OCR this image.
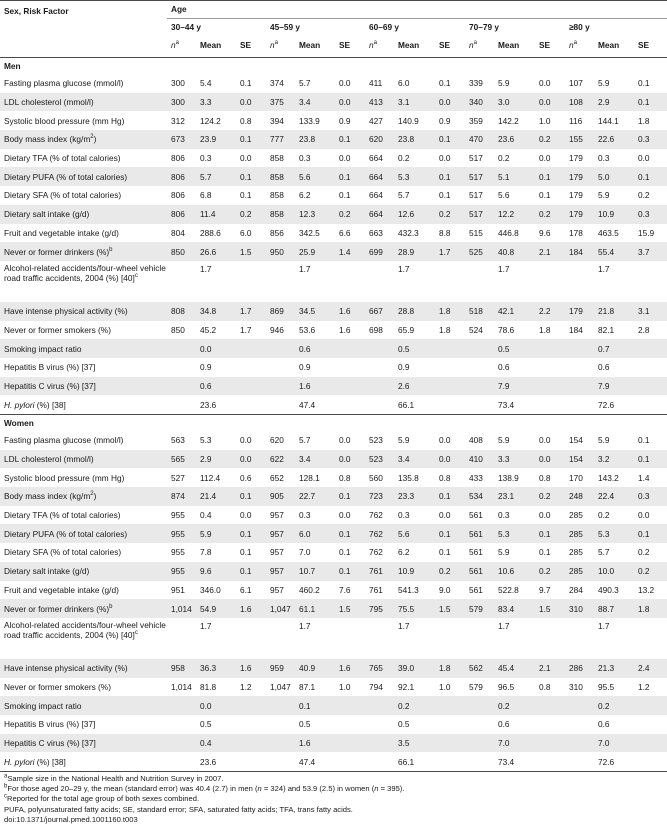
Sex, Risk Factor	Age														
	30–44 y			45–59 y			60–69 y			70–79 y			≥80 y		
	$n^a$	Mean	SE	$n^a$	Mean	SE	$n^a$	Mean	SE	$n^a$	Mean	SE	$n^a$	Mean	SE
Men															
Fasting plasma glucose (mmol/l)	300	5.4	0.1	374	5.7	0.0	411	6.0	0.1	339	5.9	0.0	107	5.9	0.1
LDL cholesterol (mmol/l)	300	3.3	0.0	375	3.4	0.0	413	3.1	0.0	340	3.0	0.0	108	2.9	0.1
Systolic blood pressure (mm Hg)	312	124.2	0.8	394	133.9	0.9	427	140.9	0.9	359	142.2	1.0	116	144.1	1.8
Body mass index $(kg/m^2)$	673	23.9	0.1	777	23.8	0.1	620	23.8	0.1	470	23.6	0.2	155	22.6	0.3
Dietary TFA (% of total calories)	806	0.3	0.0	858	0.3	0.0	664	0.2	0.0	517	0.2	0.0	179	0.3	0.0
Dietary PUFA (% of total calories)	806	5.7	0.1	858	5.6	0.1	664	5.3	0.1	517	5.1	0.1	179	5.0	0.1
Dietary SFA (% of total calories)	806	6.8	0.1	858	6.2	0.1	664	5.7	0.1	517	5.6	0.1	179	5.9	0.2
Dietary salt intake (g/d)	806	11.4	0.2	858	12.3	0.2	664	12.6	0.2	517	12.2	0.2	179	10.9	0.3
Fruit and vegetable intake (g/d)	804	288.6	6.0	856	342.5	6.6	663	432.3	8.8	515	446.8	9.6	178	463.5	15.9
Never or former drinkers (%)$^b$	850	26.6	1.5	950	25.9	1.4	699	28.9	1.7	525	40.8	2.1	184	55.4	3.7
Alcohol-related accidents/four-wheel vehicle road traffic accidents, 2004 (%) $[40]^c$		1.7			1.7			1.7			1.7			1.7	
Have intense physical activity (%)	808	34.8	1.7	869	34.5	1.6	667	28.8	1.8	518	42.1	2.2	179	21.8	3.1
Never or former smokers (%)	850	45.2	1.7	946	53.6	1.6	698	65.9	1.8	524	78.6	1.8	184	82.1	2.8
Smoking impact ratio		0.0			0.6			0.5			0.5			0.7	
Hepatitis B virus (%) [37]		0.9			0.9			0.9			0.6			0.6	
Hepatitis C virus (%) [37]		0.6			1.6			2.6			7.9			7.9	
H. pylori (%) [38]		23.6			47.4			66.1			73.4			72.6	
Women															
Fasting plasma glucose (mmol/l)	563	5.3	0.0	620	5.7	0.0	523	5.9	0.0	408	5.9	0.0	154	5.9	0.1
LDL cholesterol (mmol/l)	565	2.9	0.0	622	3.4	0.0	523	3.4	0.0	410	3.3	0.0	154	3.2	0.1
Systolic blood pressure (mm Hg)	527	112.4	0.6	652	128.1	0.8	560	135.8	0.8	433	138.9	0.8	170	143.2	1.4
Body mass index $(kg/m^2)$	874	21.4	0.1	905	22.7	0.1	723	23.3	0.1	534	23.1	0.2	248	22.4	0.3
Dietary TFA (% of total calories)	955	0.4	0.0	957	0.3	0.0	762	0.3	0.0	561	0.3	0.0	285	0.2	0.0
Dietary PUFA (% of total calories)	955	5.9	0.1	957	6.0	0.1	762	5.6	0.1	561	5.3	0.1	285	5.3	0.1
Dietary SFA (% of total calories)	955	7.8	0.1	957	7.0	0.1	762	6.2	0.1	561	5.9	0.1	285	5.7	0.2
Dietary salt intake (g/d)	955	9.6	0.1	957	10.7	0.1	761	10.9	0.2	561	10.6	0.2	285	10.0	0.2
Fruit and vegetable intake (g/d)	951	346.0	6.1	957	460.2	7.6	761	541.3	9.0	561	522.8	9.7	284	490.3	13.2
Never or former drinkers (%)$^b$	1,014	54.9	1.6	1,047	61.1	1.5	795	75.5	1.5	579	83.4	1.5	310	88.7	1.8
Alcohol-related accidents/four-wheel vehicle road traffic accidents, 2004 (%) $[40]^c$		1.7			1.7			1.7			1.7			1.7	
Have intense physical activity (%)	958	36.3	1.6	959	40.9	1.6	765	39.0	1.8	562	45.4	2.1	286	21.3	2.4
Never or former smokers (%)	1,014	81.8	1.2	1,047	87.1	1.0	794	92.1	1.0	579	96.5	0.8	310	95.5	1.2
Smoking impact ratio		0.0			0.1			0.2			0.2			0.2	
Hepatitis B virus (%) [37]		0.5			0.5			0.5			0.6			0.6	
Hepatitis C virus (%) [37]		0.4			1.6			3.5			7.0			7.0	
H. pylori (%) [38]		23.6			47.4			66.1			73.4			72.6	
$^a$Sample size in the National Health and Nutrition Survey in 2007.
$^b$For those aged 20–29 y, the mean (standard error) was 40.4 (2.7) in men (n = 324) and 53.9 (2.5) in women (n = 395).
$^c$Reported for the total age group of both sexes combined.
PUFA, polyunsaturated fatty acids; SE, standard error; SFA, saturated fatty acids; TFA, trans fatty acids.
doi:10.1371/journal.pmed.1001160.t003
